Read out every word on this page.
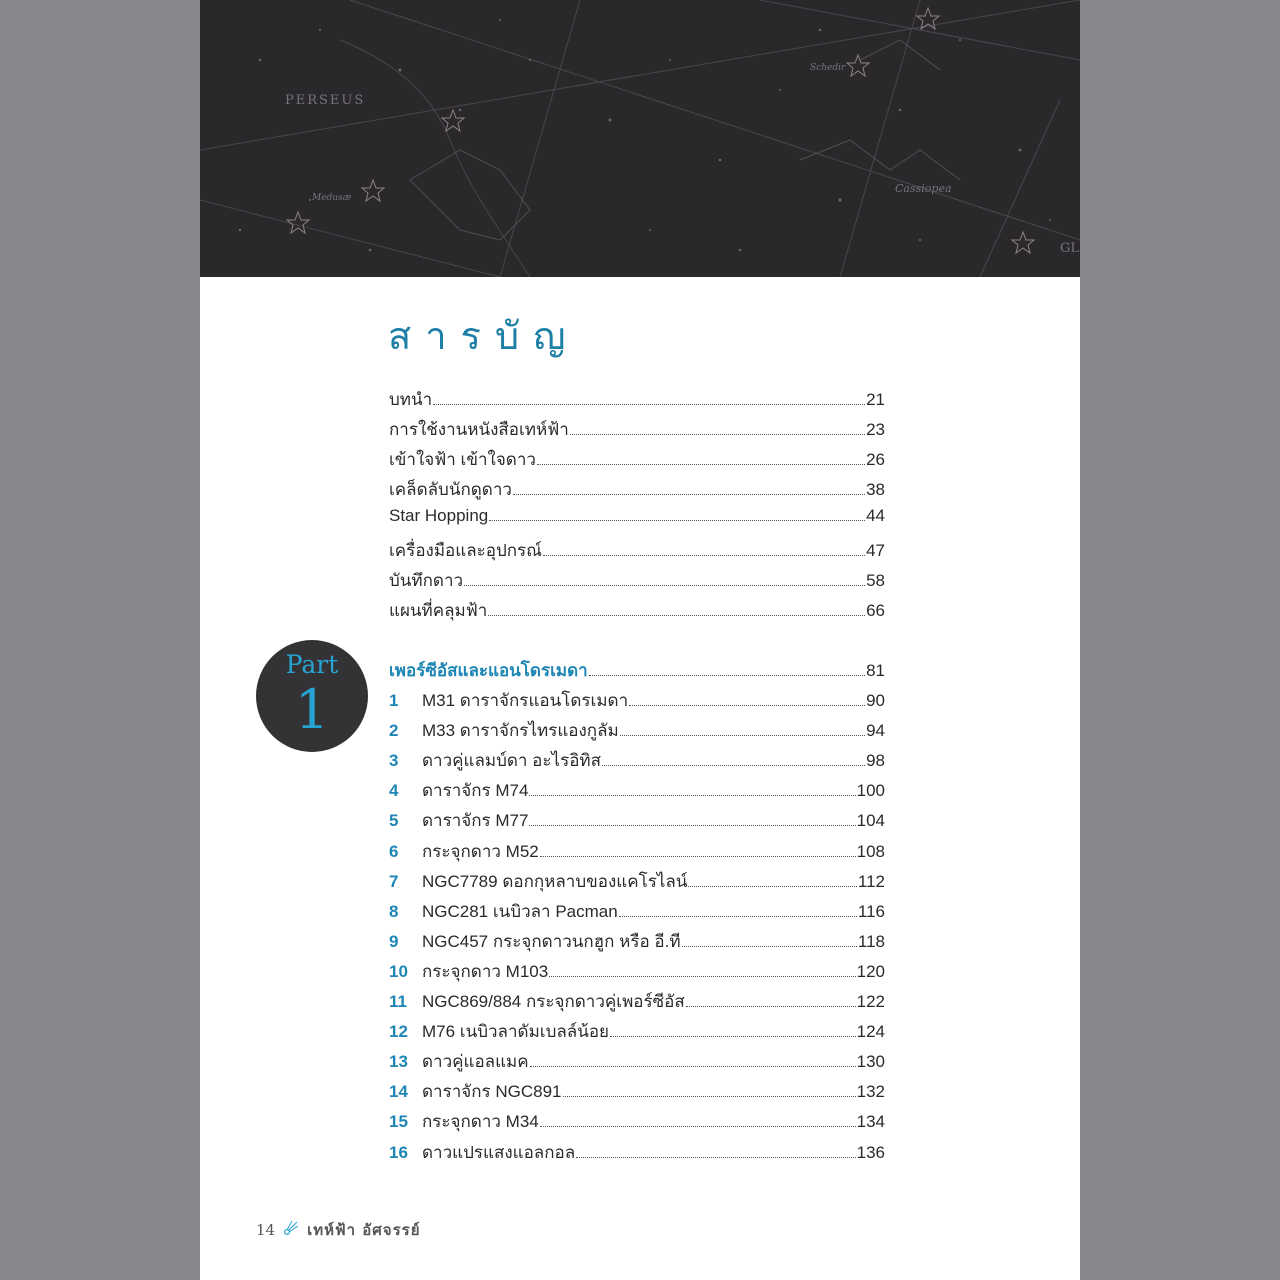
PERSEUS
Cassiopea
Medusæ
Schedir
GL
สารบัญ
บทนำ	21
การใช้งานหนังสือเทห์ฟ้า	23
เข้าใจฟ้า เข้าใจดาว	26
เคล็ดลับนักดูดาว	38
Star Hopping	44
เครื่องมือและอุปกรณ์	47
บันทึกดาว	58
แผนที่คลุมฟ้า	66
Part
1
เพอร์ซีอัสและแอนโดรเมดา	81
1	M31 ดาราจักรแอนโดรเมดา	90
2	M33 ดาราจักรไทรแองกูลัม	94
3	ดาวคู่แลมบ์ดา อะไรอิทิส	98
4	ดาราจักร M74	100
5	ดาราจักร M77	104
6	กระจุกดาว M52	108
7	NGC7789 ดอกกุหลาบของแคโรไลน์	112
8	NGC281 เนบิวลา Pacman	116
9	NGC457 กระจุกดาวนกฮูก หรือ อี.ที	118
10 กระจุกดาว M103	120
11 NGC869/884 กระจุกดาวคู่เพอร์ซีอัส	122
12 M76 เนบิวลาดัมเบลล์น้อย	124
13 ดาวคู่แอลแมค	130
14 ดาราจักร NGC891	132
15 กระจุกดาว M34	134
16 ดาวแปรแสงแอลกอล	136
14 เทห์ฟ้า อัศจรรย์
